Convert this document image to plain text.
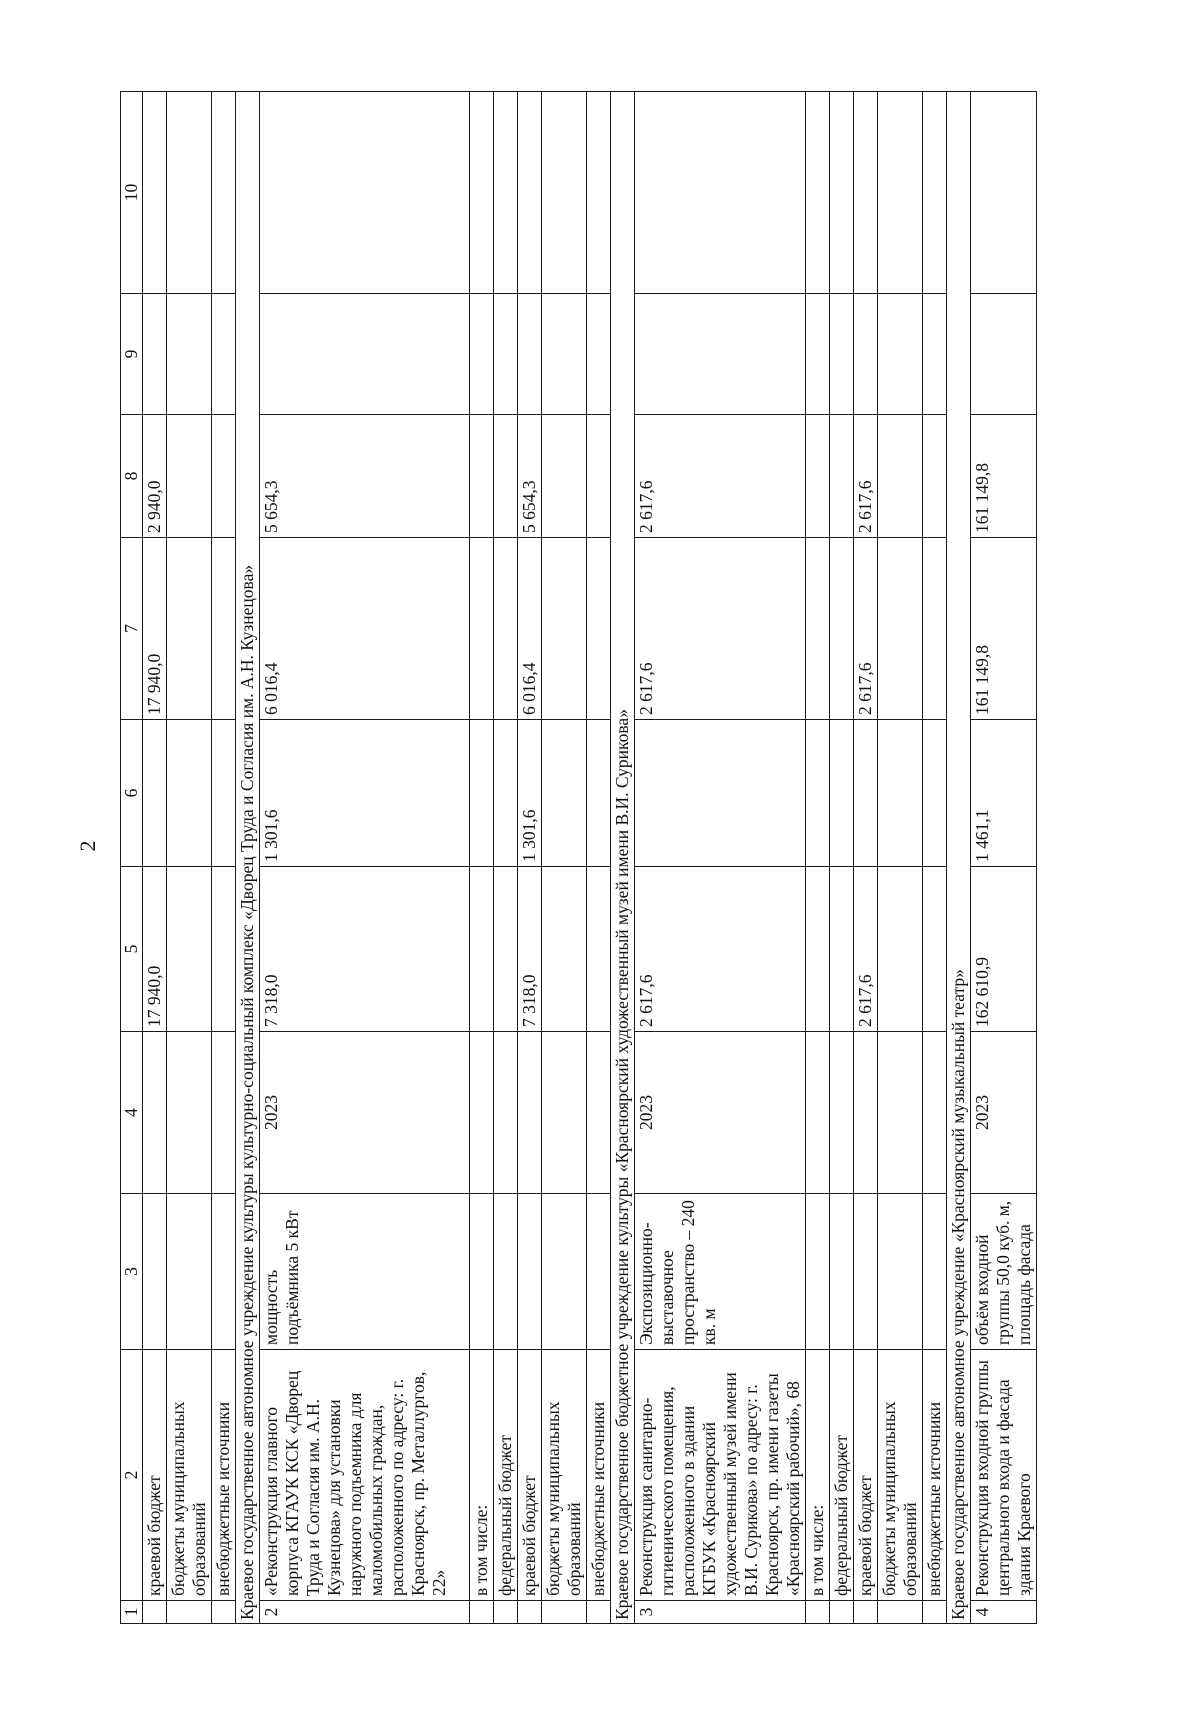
2
1	2	3	4	5	6	7	8	9	10
	краевой бюджет			17 940,0		17 940,0	2 940,0		
	бюджеты муниципальных образований								
	внебюджетные источники								
Краевое государственное автономное учреждение культуры культурно-социальный комплекс «Дворец Труда и Согласия им. А.Н. Кузнецова»									
2	«Реконструкция главного корпуса КГАУК КСК «Дворец Труда и Согласия им. А.Н. Кузнецова» для установки наружного подъемника для маломобильных граждан, расположенного по адресу: г. Красноярск, пр. Металлургов, 22»	мощность подъёмника 5 кВт	2023	7 318,0	1 301,6	6 016,4	5 654,3		
	в том числе:								
	федеральный бюджет								
	краевой бюджет			7 318,0	1 301,6	6 016,4	5 654,3		
	бюджеты муниципальных образований								
	внебюджетные источники								
Краевое государственное бюджетное учреждение культуры «Красноярский художественный музей имени В.И. Сурикова»									
3	Реконструкция санитарно-гигиенического помещения, расположенного в здании КГБУК «Красноярский художественный музей имени В.И. Сурикова» по адресу: г. Красноярск, пр. имени газеты «Красноярский рабочий», 68	Экспозиционно-выставочное пространство – 240 кв. м	2023	2 617,6		2 617,6	2 617,6		
	в том числе:								
	федеральный бюджет								
	краевой бюджет			2 617,6		2 617,6	2 617,6		
	бюджеты муниципальных образований								
	внебюджетные источники								
Краевое государственное автономное учреждение «Красноярский музыкальный театр»									
4	Реконструкция входной группы центрального входа и фасада здания Краевого	объём входной группы 50,0 куб. м, площадь фасада	2023	162 610,9	1 461,1	161 149,8	161 149,8		
